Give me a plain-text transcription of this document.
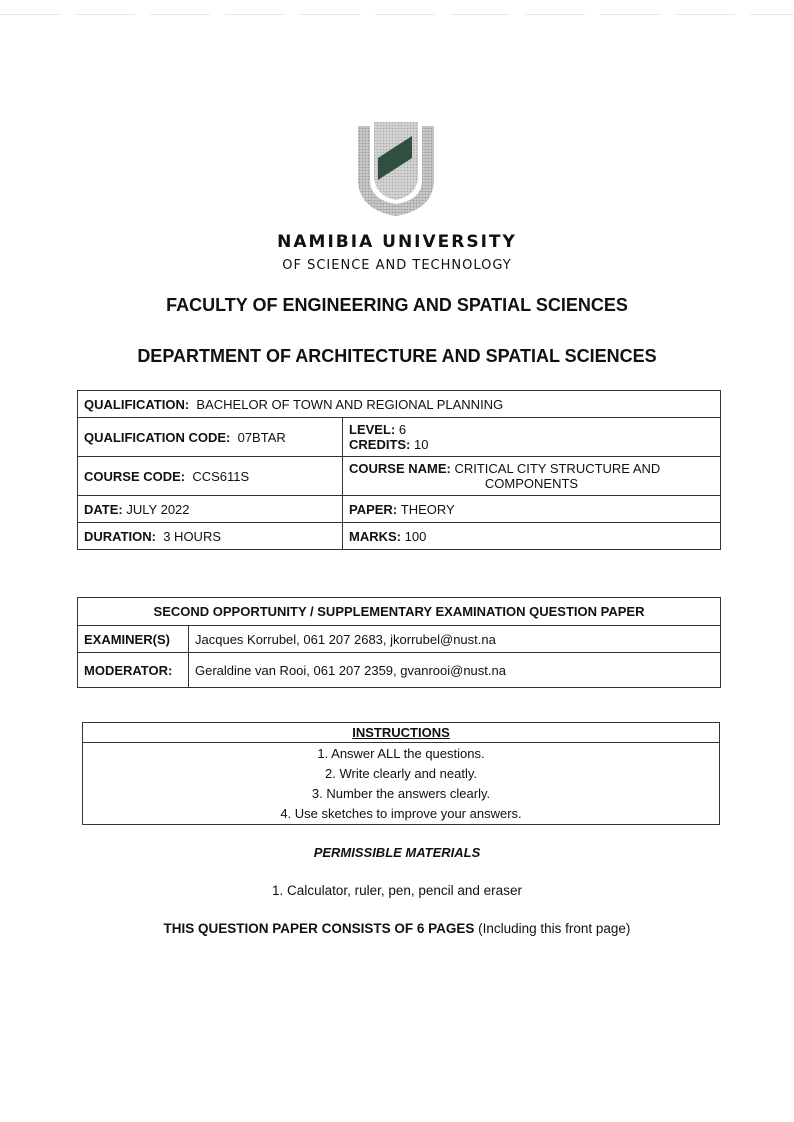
NAMIBIA UNIVERSITY
OF SCIENCE AND TECHNOLOGY
FACULTY OF ENGINEERING AND SPATIAL SCIENCES
DEPARTMENT OF ARCHITECTURE AND SPATIAL SCIENCES
QUALIFICATION: BACHELOR OF TOWN AND REGIONAL PLANNING	
QUALIFICATION CODE: 07BTAR	LEVEL: 6
CREDITS: 10

COURSE CODE: CCS611S	COURSE NAME: CRITICAL CITY STRUCTURE AND
COMPONENTS

DATE: JULY 2022	PAPER: THEORY
DURATION: 3 HOURS	MARKS: 100
SECOND OPPORTUNITY / SUPPLEMENTARY EXAMINATION QUESTION PAPER	
EXAMINER(S)	Jacques Korrubel, 061 207 2683, jkorrubel@nust.na
MODERATOR:	Geraldine van Rooi, 061 207 2359, gvanrooi@nust.na
INSTRUCTIONS

1. Answer ALL the questions.
2. Write clearly and neatly.
3. Number the answers clearly.
4. Use sketches to improve your answers.
PERMISSIBLE MATERIALS
1. Calculator, ruler, pen, pencil and eraser
THIS QUESTION PAPER CONSISTS OF 6 PAGES (Including this front page)
